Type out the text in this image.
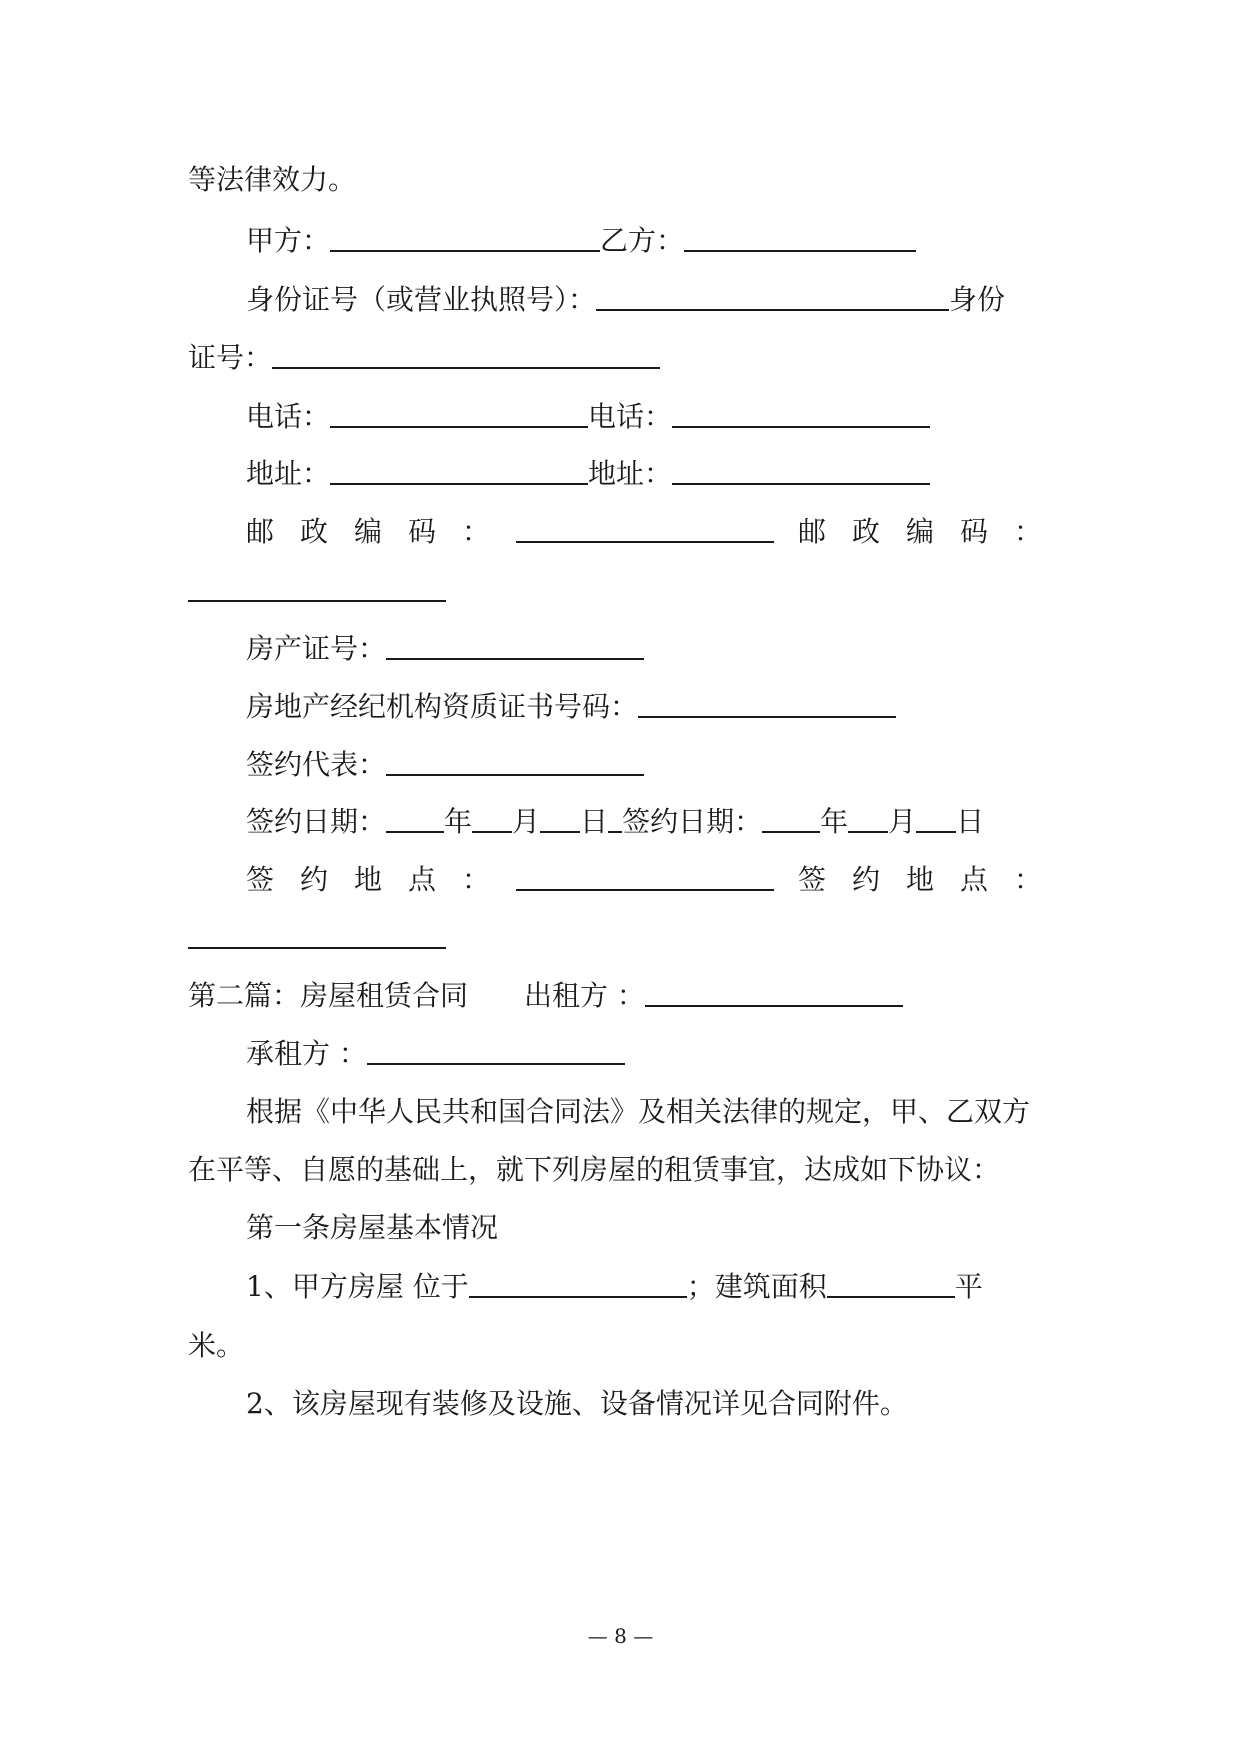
等法律效力。
甲方：	乙方：
身份证号（或营业执照号）：	身份
证号：
电话：	电话：
地址：	地址：
邮政编码：	邮政编码：
房产证号：
房地产经纪机构资质证书号码：
签约代表：
签约日期： 年 月 日 签约日期： 年 月 日
签约地点：	签约地点：
第二篇：房屋租赁合同 出租方 ：
承租方 ：
根据《中华人民共和国合同法》及相关法律的规定，甲、乙双方
在平等、自愿的基础上，就下列房屋的租赁事宜，达成如下协议：
第一条房屋基本情况
1、甲方房屋 位于	；建筑面积	平
米。
2、该房屋现有装修及设施、设备情况详见合同附件。
— 8 —
